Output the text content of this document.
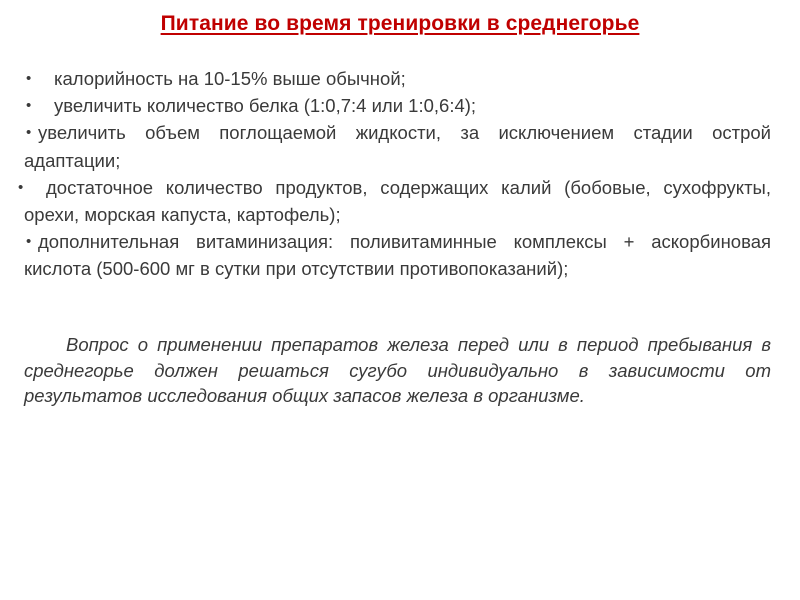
Питание во время тренировки в среднегорье
• калорийность на 10-15% выше обычной;
• увеличить количество белка (1:0,7:4 или 1:0,6:4);
• увеличить объем поглощаемой жидкости, за исключением стадии острой адаптации;
• достаточное количество продуктов, содержащих калий (бобовые, сухофрукты, орехи, морская капуста, картофель);
• дополнительная витаминизация: поливитаминные комплексы + аскорбиновая кислота (500-600 мг в сутки при отсутствии противопоказаний);
Вопрос о применении препаратов железа перед или в период пребывания в среднегорье должен решаться сугубо индивидуально в зависимости от результатов исследования общих запасов железа в организме.
